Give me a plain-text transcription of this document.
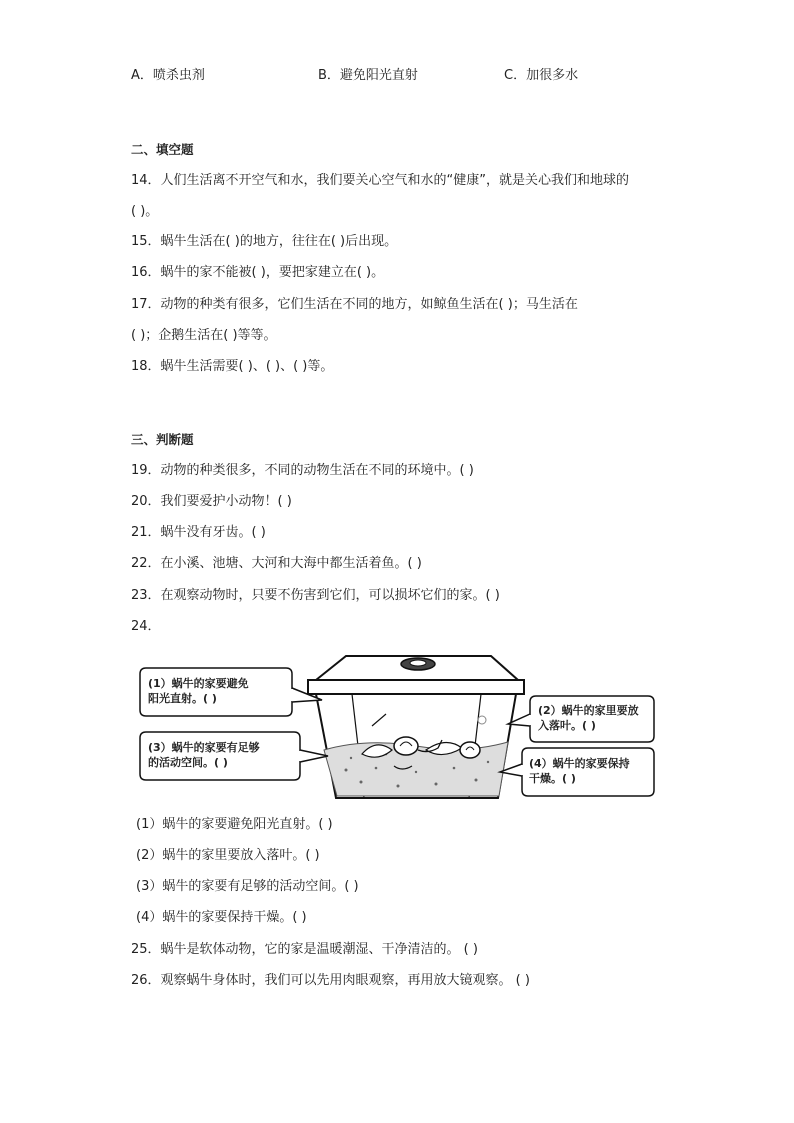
A．喷杀虫剂	B．避免阳光直射	C．加很多水
二、填空题
14．人们生活离不开空气和水，我们要关心空气和水的“健康”，就是关心我们和地球的
( )。
15．蜗牛生活在( )的地方，往往在( )后出现。
16．蜗牛的家不能被( )，要把家建立在( )。
17．动物的种类有很多，它们生活在不同的地方，如鲸鱼生活在( )；马生活在
( )；企鹅生活在( )等等。
18．蜗牛生活需要( )、( )、( )等。
三、判断题
19．动物的种类很多，不同的动物生活在不同的环境中。( )
20．我们要爱护小动物！( )
21．蜗牛没有牙齿。( )
22．在小溪、池塘、大河和大海中都生活着鱼。( )
23．在观察动物时，只要不伤害到它们，可以损坏它们的家。( )
24．
(1）蜗牛的家要避免
阳光直射。( )
(3）蜗牛的家要有足够
的活动空间。( )
(2）蜗牛的家里要放
入落叶。( )
(4）蜗牛的家要保持
干燥。( )
(1）蜗牛的家要避免阳光直射。( )
(2）蜗牛的家里要放入落叶。( )
(3）蜗牛的家要有足够的活动空间。( )
(4）蜗牛的家要保持干燥。( )
25．蜗牛是软体动物，它的家是温暖潮湿、干净清洁的。 ( )
26．观察蜗牛身体时，我们可以先用肉眼观察，再用放大镜观察。 ( )
